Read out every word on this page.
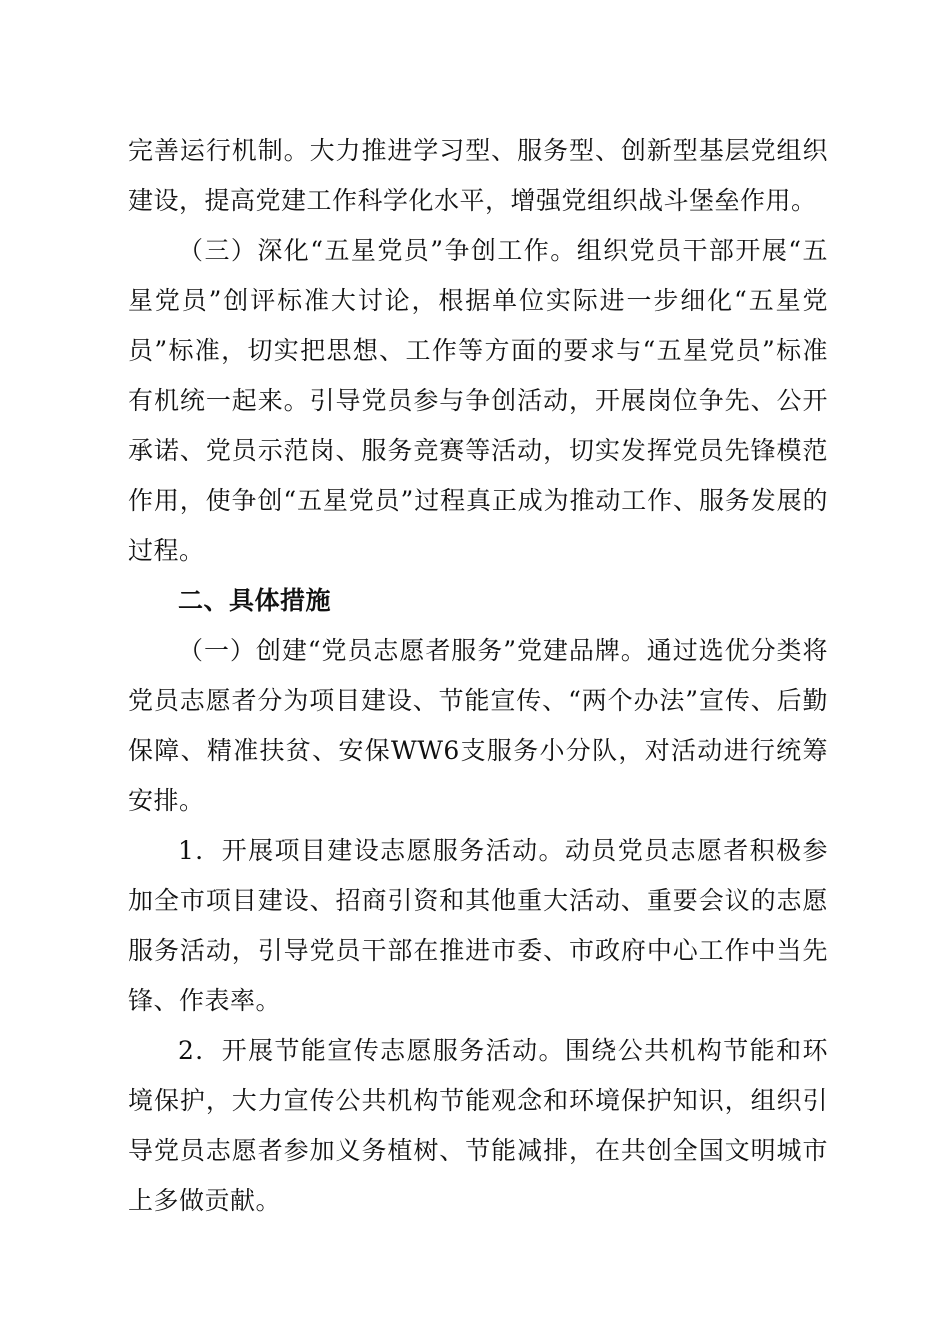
完善运行机制。大力推进学习型、服务型、创新型基层党组织建设，提高党建工作科学化水平，增强党组织战斗堡垒作用。

（三）深化“五星党员”争创工作。组织党员干部开展“五星党员”创评标准大讨论，根据单位实际进一步细化“五星党员”标准，切实把思想、工作等方面的要求与“五星党员”标准有机统一起来。引导党员参与争创活动，开展岗位争先、公开承诺、党员示范岗、服务竞赛等活动，切实发挥党员先锋模范作用，使争创“五星党员”过程真正成为推动工作、服务发展的过程。

二、具体措施

（一）创建“党员志愿者服务”党建品牌。通过选优分类将党员志愿者分为项目建设、节能宣传、“两个办法”宣传、后勤保障、精准扶贫、安保WW6支服务小分队，对活动进行统筹安排。

1．开展项目建设志愿服务活动。动员党员志愿者积极参加全市项目建设、招商引资和其他重大活动、重要会议的志愿服务活动，引导党员干部在推进市委、市政府中心工作中当先锋、作表率。

2．开展节能宣传志愿服务活动。围绕公共机构节能和环境保护，大力宣传公共机构节能观念和环境保护知识，组织引导党员志愿者参加义务植树、节能减排，在共创全国文明城市上多做贡献。
